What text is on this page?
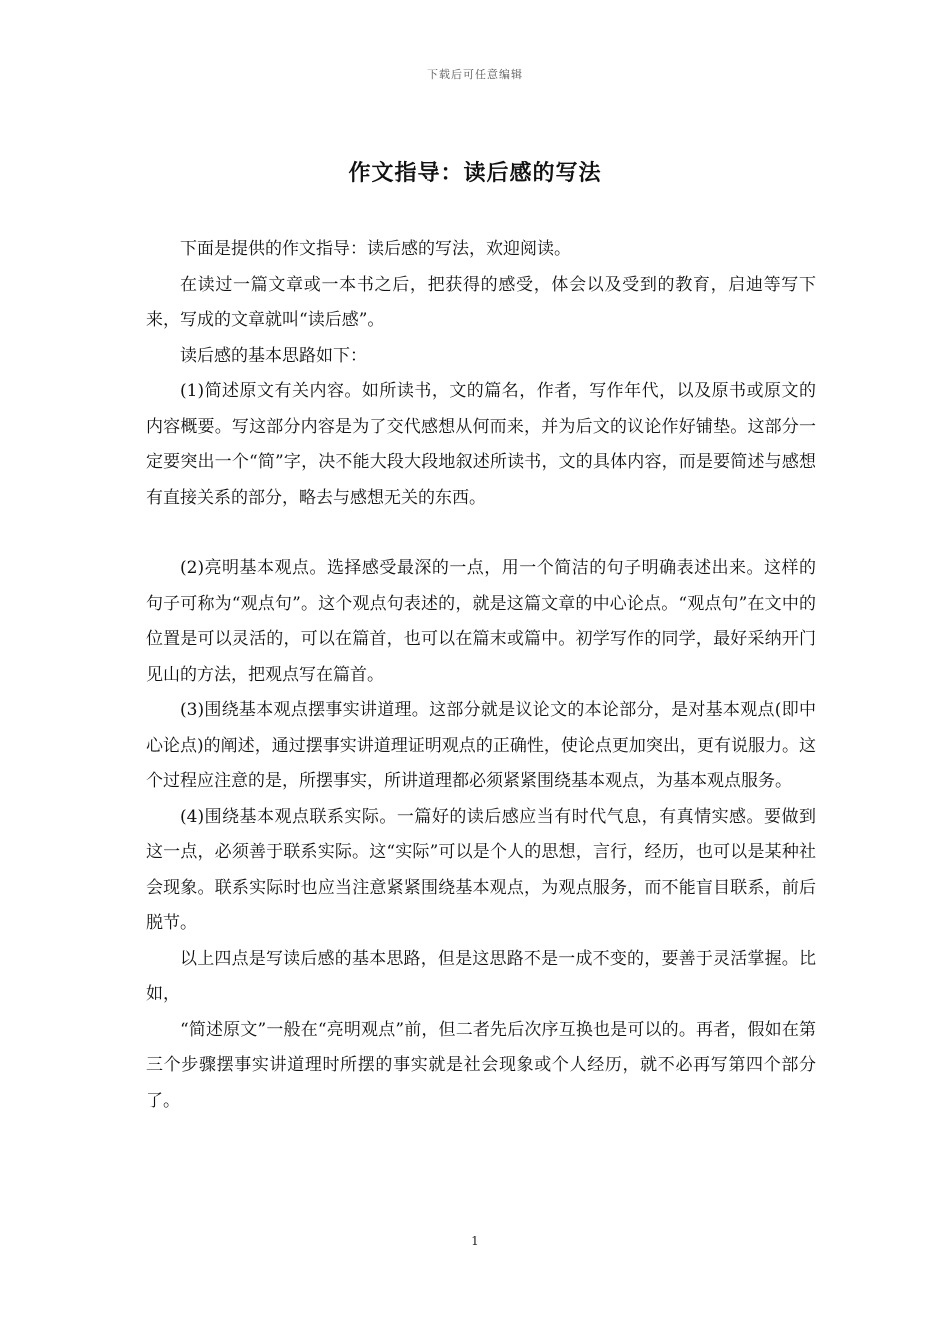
下载后可任意编辑
作文指导：读后感的写法

下面是提供的作文指导：读后感的写法，欢迎阅读。

在读过一篇文章或一本书之后，把获得的感受，体会以及受到的教育，启迪等写下来，写成的文章就叫“读后感”。

读后感的基本思路如下：

(1)简述原文有关内容。如所读书，文的篇名，作者，写作年代，以及原书或原文的内容概要。写这部分内容是为了交代感想从何而来，并为后文的议论作好铺垫。这部分一定要突出一个“简”字，决不能大段大段地叙述所读书，文的具体内容，而是要简述与感想有直接关系的部分，略去与感想无关的东西。

(2)亮明基本观点。选择感受最深的一点，用一个简洁的句子明确表述出来。这样的句子可称为“观点句”。这个观点句表述的，就是这篇文章的中心论点。“观点句”在文中的位置是可以灵活的，可以在篇首，也可以在篇末或篇中。初学写作的同学，最好采纳开门见山的方法，把观点写在篇首。

(3)围绕基本观点摆事实讲道理。这部分就是议论文的本论部分，是对基本观点(即中心论点)的阐述，通过摆事实讲道理证明观点的正确性，使论点更加突出，更有说服力。这个过程应注意的是，所摆事实，所讲道理都必须紧紧围绕基本观点，为基本观点服务。

(4)围绕基本观点联系实际。一篇好的读后感应当有时代气息，有真情实感。要做到这一点，必须善于联系实际。这“实际”可以是个人的思想，言行，经历，也可以是某种社会现象。联系实际时也应当注意紧紧围绕基本观点，为观点服务，而不能盲目联系，前后脱节。

以上四点是写读后感的基本思路，但是这思路不是一成不变的，要善于灵活掌握。比如，

“简述原文”一般在“亮明观点”前，但二者先后次序互换也是可以的。再者，假如在第三个步骤摆事实讲道理时所摆的事实就是社会现象或个人经历，就不必再写第四个部分了。

1
